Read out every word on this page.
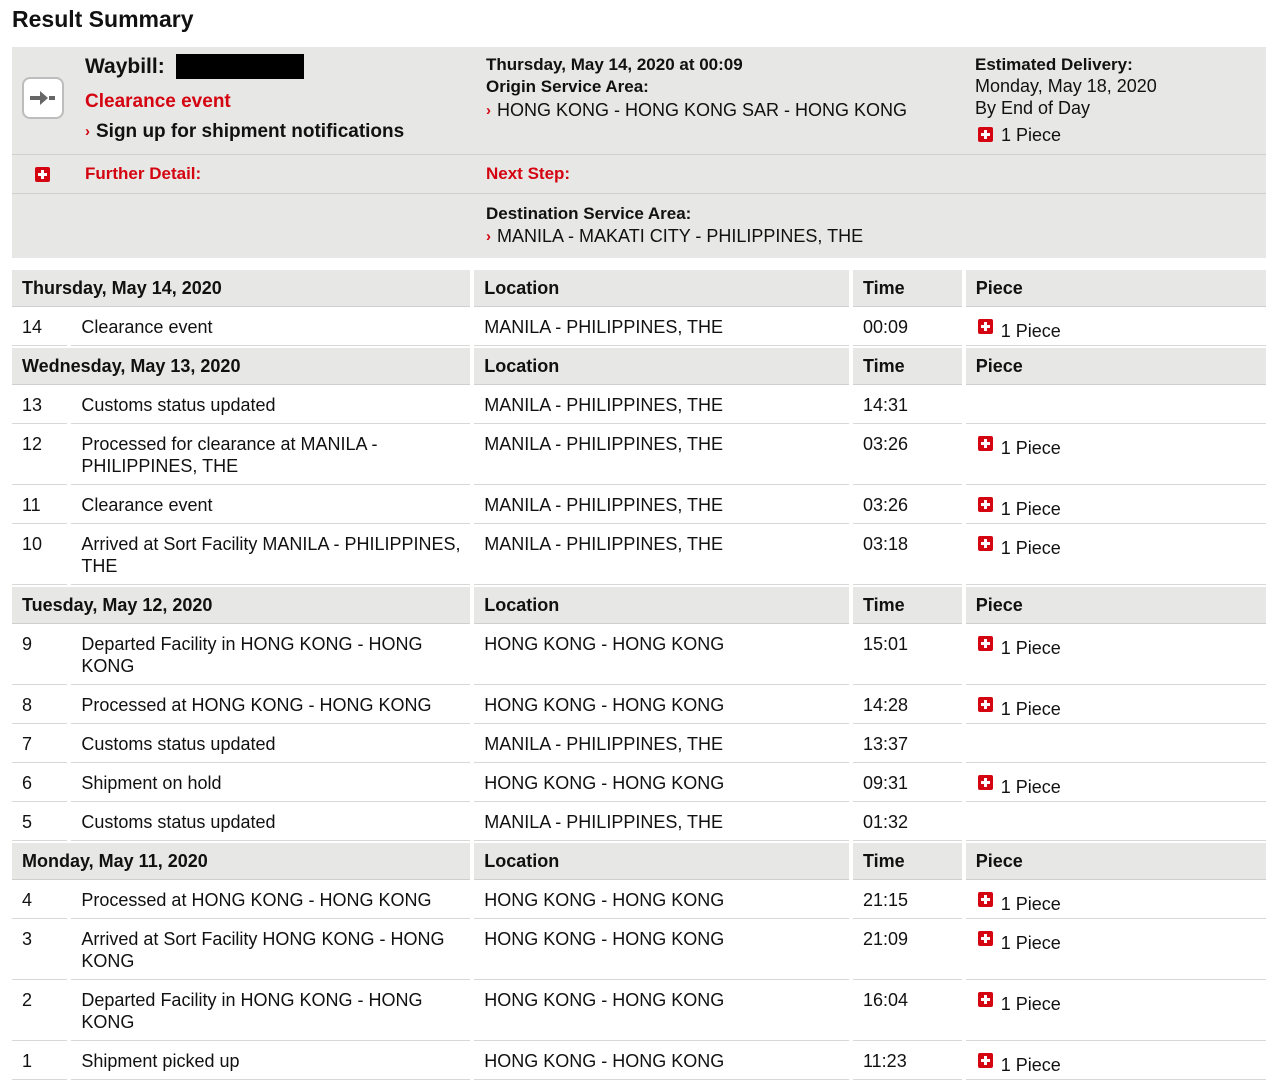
Result Summary
Waybill:
Clearance event
› Sign up for shipment notifications
Thursday, May 14, 2020 at 00:09
Origin Service Area:
› HONG KONG - HONG KONG SAR - HONG KONG
Estimated Delivery:
Monday, May 18, 2020
By End of Day
1 Piece
Further Detail:	Next Step:
Destination Service Area:
› MANILA - MAKATI CITY - PHILIPPINES, THE
Thursday, May 14, 2020		Location	Time	Piece
14	Clearance event	MANILA - PHILIPPINES, THE	00:09	1 Piece
Wednesday, May 13, 2020		Location	Time	Piece
13	Customs status updated	MANILA - PHILIPPINES, THE	14:31	
12	Processed for clearance at MANILA - PHILIPPINES, THE	MANILA - PHILIPPINES, THE	03:26	1 Piece
11	Clearance event	MANILA - PHILIPPINES, THE	03:26	1 Piece
10	Arrived at Sort Facility MANILA - PHILIPPINES, THE	MANILA - PHILIPPINES, THE	03:18	1 Piece
Tuesday, May 12, 2020		Location	Time	Piece
9	Departed Facility in HONG KONG - HONG KONG	HONG KONG - HONG KONG	15:01	1 Piece
8	Processed at HONG KONG - HONG KONG	HONG KONG - HONG KONG	14:28	1 Piece
7	Customs status updated	MANILA - PHILIPPINES, THE	13:37	
6	Shipment on hold	HONG KONG - HONG KONG	09:31	1 Piece
5	Customs status updated	MANILA - PHILIPPINES, THE	01:32	
Monday, May 11, 2020		Location	Time	Piece
4	Processed at HONG KONG - HONG KONG	HONG KONG - HONG KONG	21:15	1 Piece
3	Arrived at Sort Facility HONG KONG - HONG KONG	HONG KONG - HONG KONG	21:09	1 Piece
2	Departed Facility in HONG KONG - HONG KONG	HONG KONG - HONG KONG	16:04	1 Piece
1	Shipment picked up	HONG KONG - HONG KONG	11:23	1 Piece
